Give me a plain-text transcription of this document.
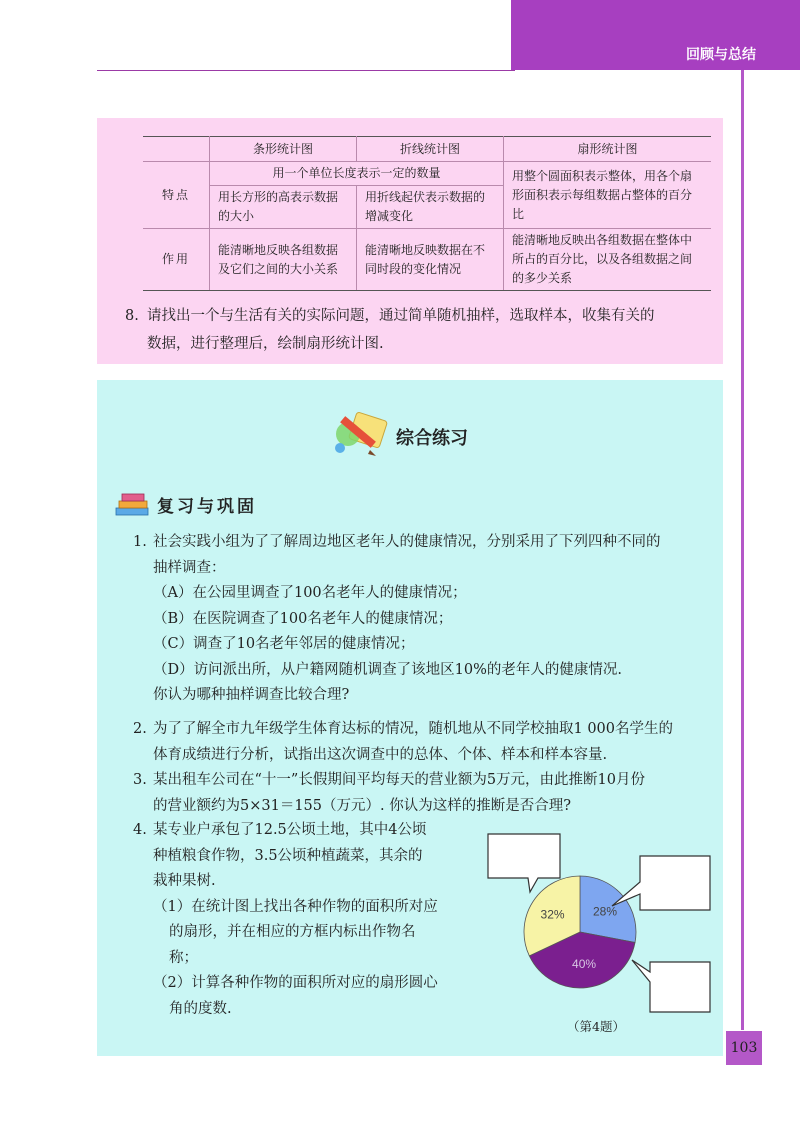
回顾与总结
103
	条形统计图	折线统计图	扇形统计图
特点	用一个单位长度表示一定的数量		用整个圆面积表示整体，用各个扇形面积表示每组数据占整体的百分比
	用长方形的高表示数据的大小	用折线起伏表示数据的增减变化	
作用	能清晰地反映各组数据及它们之间的大小关系	能清晰地反映数据在不同时段的变化情况	能清晰地反映出各组数据在整体中所占的百分比，以及各组数据之间的多少关系
8. 请找出一个与生活有关的实际问题，通过简单随机抽样，选取样本，收集有关的
数据，进行整理后，绘制扇形统计图.
综合练习
复习与巩固
1. 社会实践小组为了了解周边地区老年人的健康情况，分别采用了下列四种不同的
抽样调查：
（A）在公园里调查了100名老年人的健康情况；
（B）在医院调查了100名老年人的健康情况；
（C）调查了10名老年邻居的健康情况；
（D）访问派出所，从户籍网随机调查了该地区10%的老年人的健康情况.
你认为哪种抽样调查比较合理?
2. 为了了解全市九年级学生体育达标的情况，随机地从不同学校抽取1 000名学生的
体育成绩进行分析，试指出这次调查中的总体、个体、样本和样本容量.
3. 某出租车公司在“十一”长假期间平均每天的营业额为5万元，由此推断10月份
的营业额约为5×31＝155（万元）. 你认为这样的推断是否合理?
4. 某专业户承包了12.5公顷土地，其中4公顷
种植粮食作物，3.5公顷种植蔬菜，其余的
栽种果树.
（1）在统计图上找出各种作物的面积所对应
的扇形，并在相应的方框内标出作物名
称；
（2）计算各种作物的面积所对应的扇形圆心
角的度数.
28%
40%
32%
（第4题）
